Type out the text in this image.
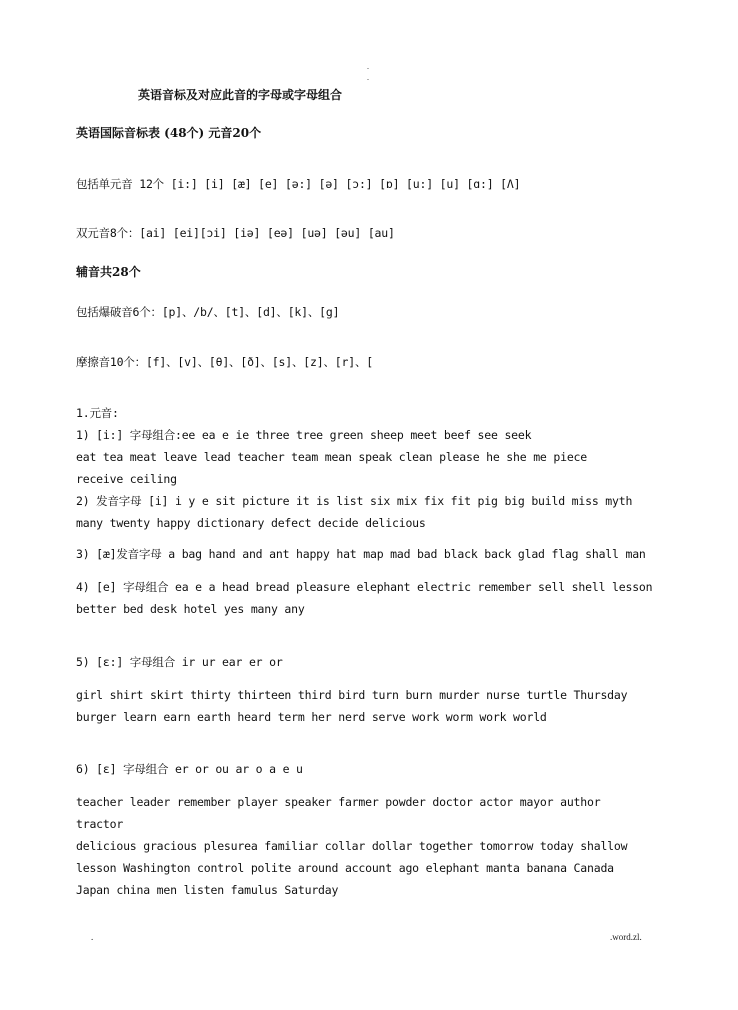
.
.
英语音标及对应此音的字母或字母组合
英语国际音标表 (48个) 元音20个
包括单元音 12个 [i:] [i] [æ] [e] [ə:] [ə] [ɔ:] [ɒ] [u:] [u] [ɑ:] [Λ]
双元音8个：[ai] [ei][ɔi] [iə] [eə] [uə] [əu] [au]
辅音共28个
包括爆破音6个：[p]、/b/、[t]、[d]、[k]、[g]
摩擦音10个：[f]、[v]、[θ]、[ð]、[s]、[z]、[r]、[
1.元音:
1) [i:] 字母组合:ee ea e ie three tree green sheep meet beef see seek
eat tea meat leave lead teacher team mean speak clean please he she me piece
receive ceiling
2) 发音字母 [i] i y e sit picture it is list six mix fix fit pig big build miss myth
many twenty happy dictionary defect decide delicious
3) [æ]发音字母 a bag hand and ant happy hat map mad bad black back glad flag shall man
4) [e] 字母组合 ea e a head bread pleasure elephant electric remember sell shell lesson
better bed desk hotel yes many any
5) [ɛ:] 字母组合 ir ur ear er or
girl shirt skirt thirty thirteen third bird turn burn murder nurse turtle Thursday
burger learn earn earth heard term her nerd serve work worm work world
6) [ɛ] 字母组合 er or ou ar o a e u
teacher leader remember player speaker farmer powder doctor actor mayor author
tractor
delicious gracious plesurea familiar collar dollar together tomorrow today shallow
lesson Washington control polite around account ago elephant manta banana Canada
Japan china men listen famulus Saturday
.	.word.zl.
